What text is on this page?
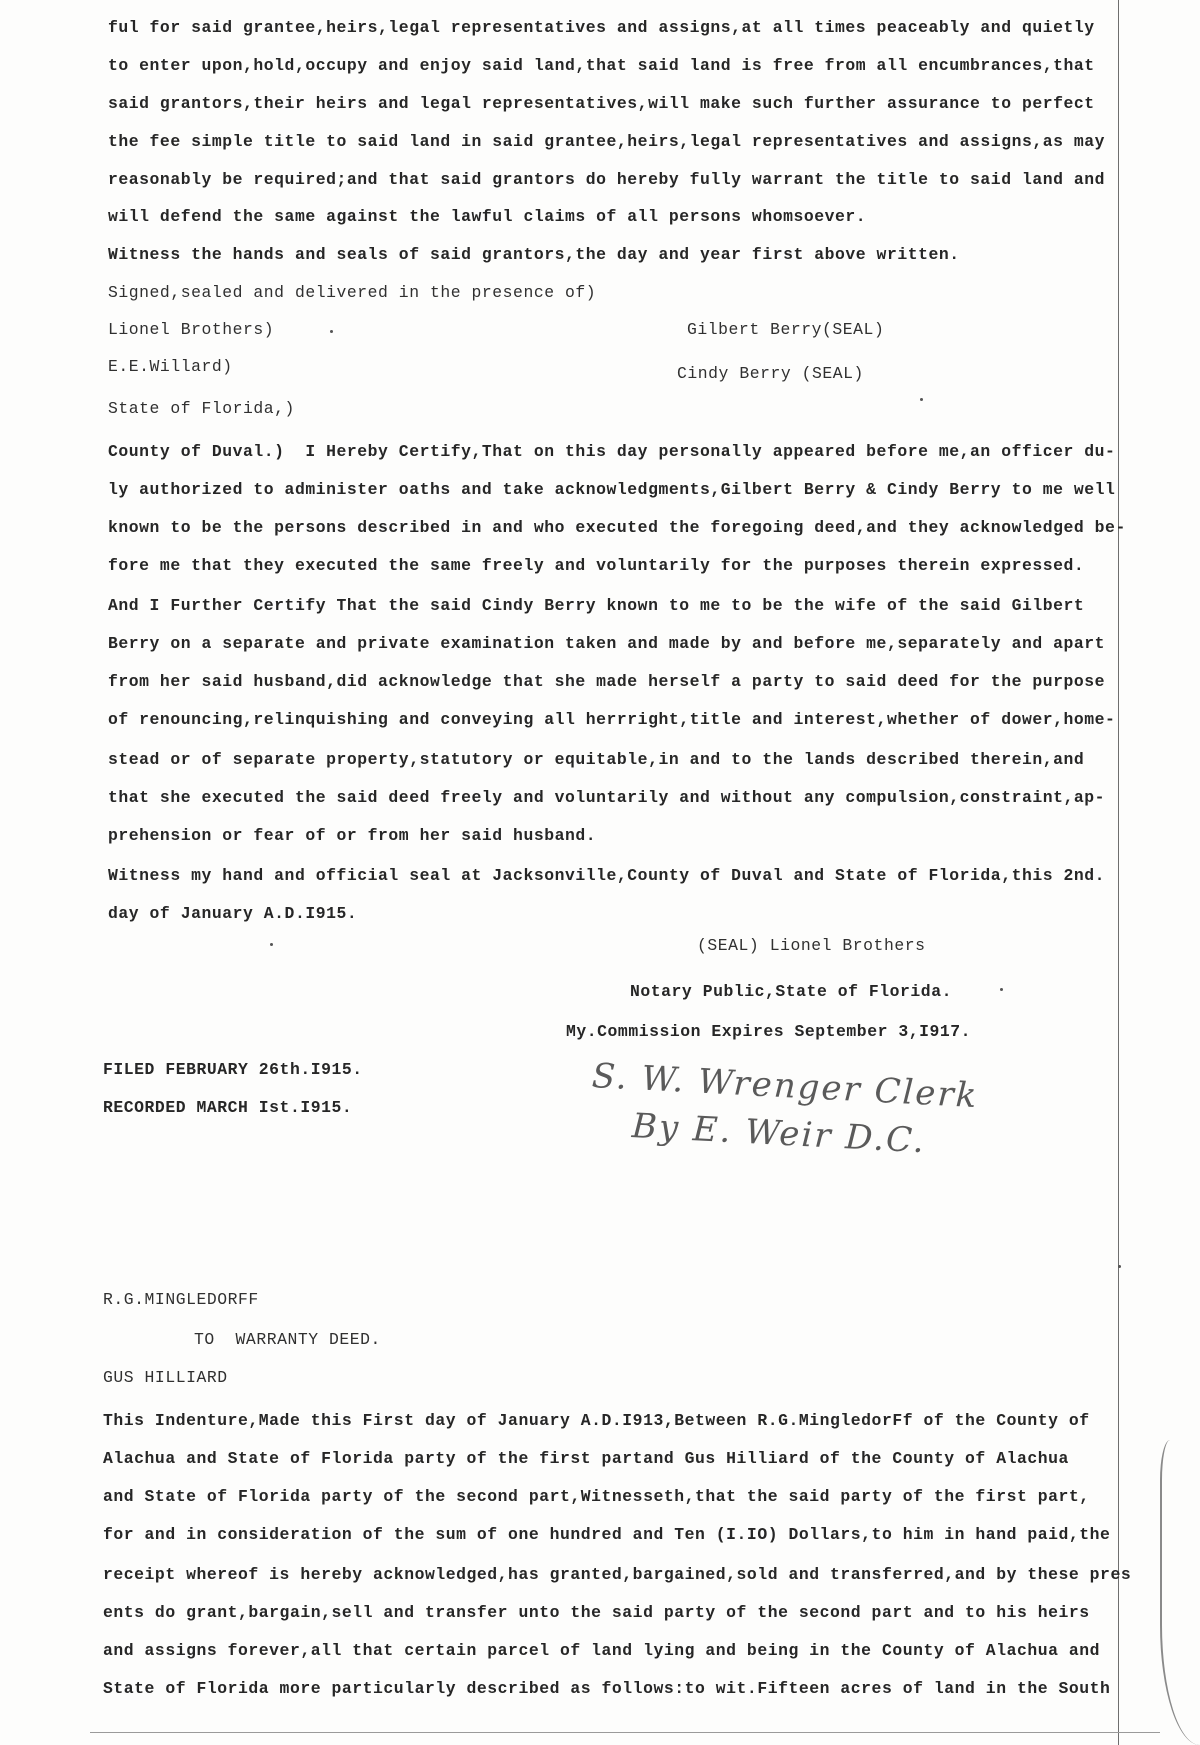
ful for said grantee,heirs,legal representatives and assigns,at all times peaceably and quietly
to enter upon,hold,occupy and enjoy said land,that said land is free from all encumbrances,that
said grantors,their heirs and legal representatives,will make such further assurance to perfect
the fee simple title to said land in said grantee,heirs,legal representatives and assigns,as may
reasonably be required;and that said grantors do hereby fully warrant the title to said land and
will defend the same against the lawful claims of all persons whomsoever.
Witness the hands and seals of said grantors,the day and year first above written.
Signed,sealed and delivered in the presence of)
Lionel Brothers)	Gilbert Berry(SEAL)
E.E.Willard)	Cindy Berry (SEAL)
State of Florida,)
County of Duval.)  I Hereby Certify,That on this day personally appeared before me,an officer du-
ly authorized to administer oaths and take acknowledgments,Gilbert Berry & Cindy Berry to me well
known to be the persons described in and who executed the foregoing deed,and they acknowledged be-
fore me that they executed the same freely and voluntarily for the purposes therein expressed.
And I Further Certify That the said Cindy Berry known to me to be the wife of the said Gilbert
Berry on a separate and private examination taken and made by and before me,separately and apart
from her said husband,did acknowledge that she made herself a party to said deed for the purpose
of renouncing,relinquishing and conveying all herrright,title and interest,whether of dower,home-
stead or of separate property,statutory or equitable,in and to the lands described therein,and
that she executed the said deed freely and voluntarily and without any compulsion,constraint,ap-
prehension or fear of or from her said husband.
Witness my hand and official seal at Jacksonville,County of Duval and State of Florida,this 2nd.
day of January A.D.I915.
(SEAL) Lionel Brothers
Notary Public,State of Florida.
My.Commission Expires September 3,I917.
FILED FEBRUARY 26th.I915.
RECORDED MARCH Ist.I915.	S. W. Wrenger Clerk
By E. Weir D.C.
R.G.MINGLEDORFF
TO  WARRANTY DEED.
GUS HILLIARD
This Indenture,Made this First day of January A.D.I913,Between R.G.MingledorFf of the County of
Alachua and State of Florida party of the first partand Gus Hilliard of the County of Alachua
and State of Florida party of the second part,Witnesseth,that the said party of the first part,
for and in consideration of the sum of one hundred and Ten (I.IO) Dollars,to him in hand paid,the
receipt whereof is hereby acknowledged,has granted,bargained,sold and transferred,and by these pres
ents do grant,bargain,sell and transfer unto the said party of the second part and to his heirs
and assigns forever,all that certain parcel of land lying and being in the County of Alachua and
State of Florida more particularly described as follows:to wit.Fifteen acres of land in the South
